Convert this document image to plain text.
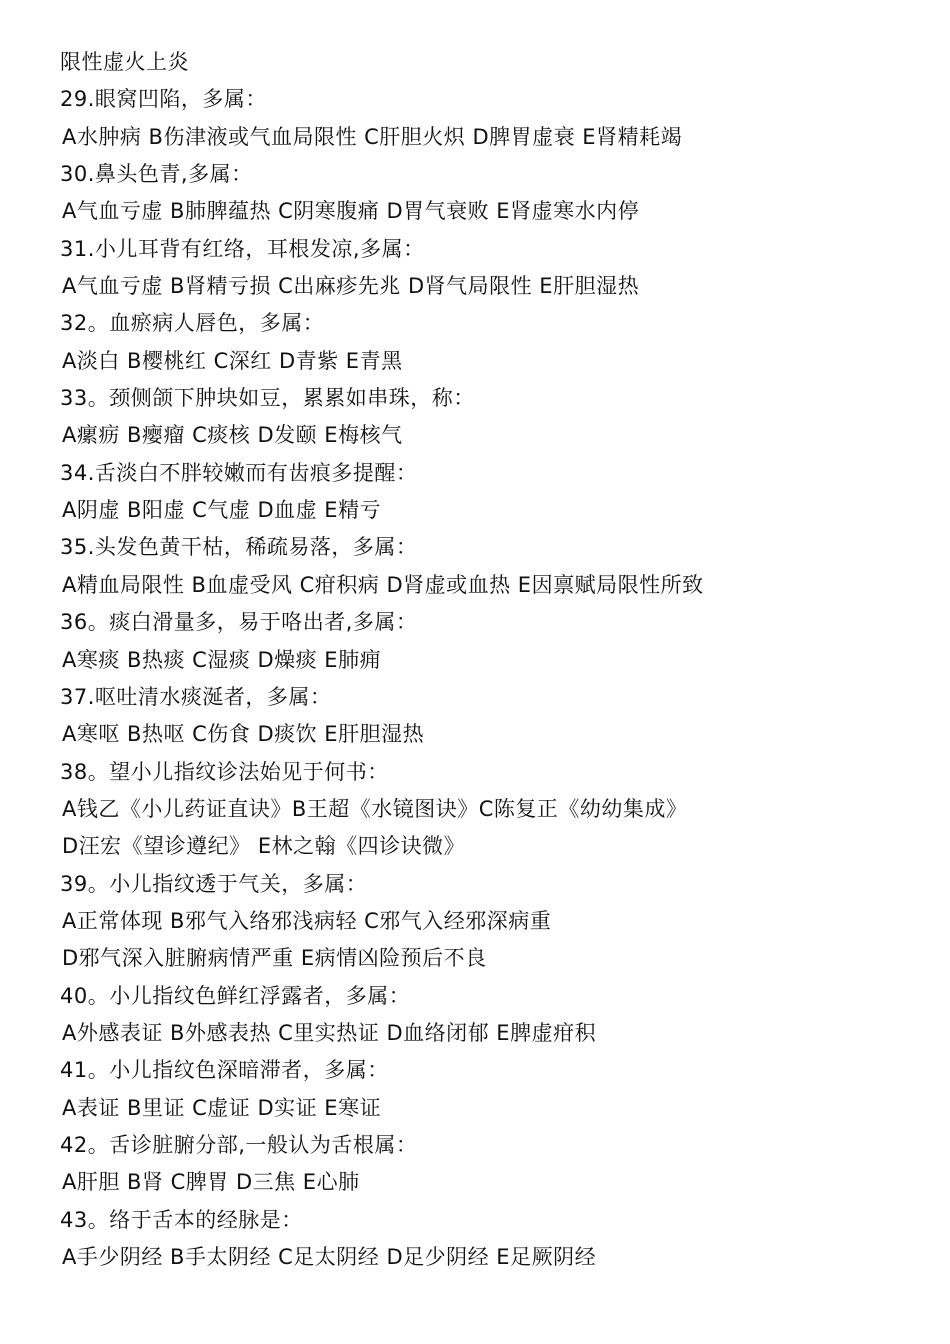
限性虚火上炎
29.眼窝凹陷，多属：
A水肿病 B伤津液或气血局限性 C肝胆火炽 D脾胃虚衰 E肾精耗竭
30.鼻头色青,多属：
A气血亏虚 B肺脾蕴热 C阴寒腹痛 D胃气衰败 E肾虚寒水内停
31.小儿耳背有红络，耳根发凉,多属：
A气血亏虚 B肾精亏损 C出麻疹先兆 D肾气局限性 E肝胆湿热
32。血瘀病人唇色，多属：
A淡白 B樱桃红 C深红 D青紫 E青黑
33。颈侧颌下肿块如豆，累累如串珠，称：
A瘰疬 B瘿瘤 C痰核 D发颐 E梅核气
34.舌淡白不胖较嫩而有齿痕多提醒：
A阴虚 B阳虚 C气虚 D血虚 E精亏
35.头发色黄干枯，稀疏易落，多属：
A精血局限性 B血虚受风 C疳积病 D肾虚或血热 E因禀赋局限性所致
36。痰白滑量多，易于咯出者,多属：
A寒痰 B热痰 C湿痰 D燥痰 E肺痈
37.呕吐清水痰涎者，多属：
A寒呕 B热呕 C伤食 D痰饮 E肝胆湿热
38。望小儿指纹诊法始见于何书：
A钱乙《小儿药证直诀》B王超《水镜图诀》C陈复正《幼幼集成》
D汪宏《望诊遵纪》 E林之翰《四诊诀微》
39。小儿指纹透于气关，多属：
A正常体现 B邪气入络邪浅病轻 C邪气入经邪深病重
D邪气深入脏腑病情严重 E病情凶险预后不良
40。小儿指纹色鲜红浮露者，多属：
A外感表证 B外感表热 C里实热证 D血络闭郁 E脾虚疳积
41。小儿指纹色深暗滞者，多属：
A表证 B里证 C虚证 D实证 E寒证
42。舌诊脏腑分部,一般认为舌根属：
A肝胆 B肾 C脾胃 D三焦 E心肺
43。络于舌本的经脉是：
A手少阴经 B手太阴经 C足太阴经 D足少阴经 E足厥阴经
